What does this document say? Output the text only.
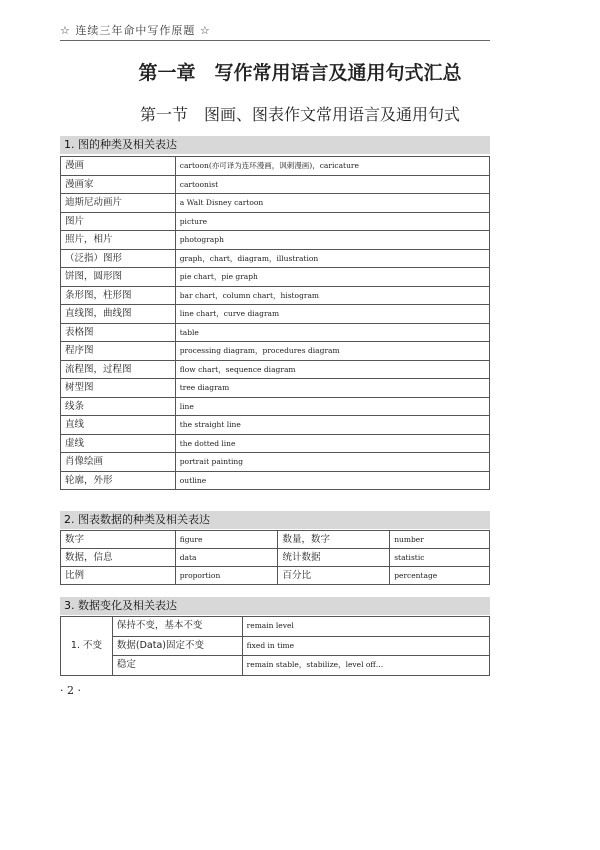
☆ 连续三年命中写作原题 ☆
第一章　写作常用语言及通用句式汇总
第一节　图画、图表作文常用语言及通用句式
1. 图的种类及相关表达
漫画	cartoon(亦可译为连环漫画，讽刺漫画)，caricature
漫画家	cartoonist
迪斯尼动画片	a Walt Disney cartoon
图片	picture
照片，相片	photograph
（泛指）图形	graph，chart，diagram，illustration
饼图，圆形图	pie chart，pie graph
条形图，柱形图	bar chart，column chart，histogram
直线图，曲线图	line chart，curve diagram
表格图	table
程序图	processing diagram，procedures diagram
流程图，过程图	flow chart，sequence diagram
树型图	tree diagram
线条	line
直线	the straight line
虚线	the dotted line
肖像绘画	portrait painting
轮廓，外形	outline
2. 图表数据的种类及相关表达
数字	figure	数量，数字	number
数据，信息	data	统计数据	statistic
比例	proportion	百分比	percentage
3. 数据变化及相关表达
1. 不变	保持不变，基本不变	remain level
	数据(Data)固定不变	fixed in time
	稳定	remain stable，stabilize，level off…
· 2 ·
